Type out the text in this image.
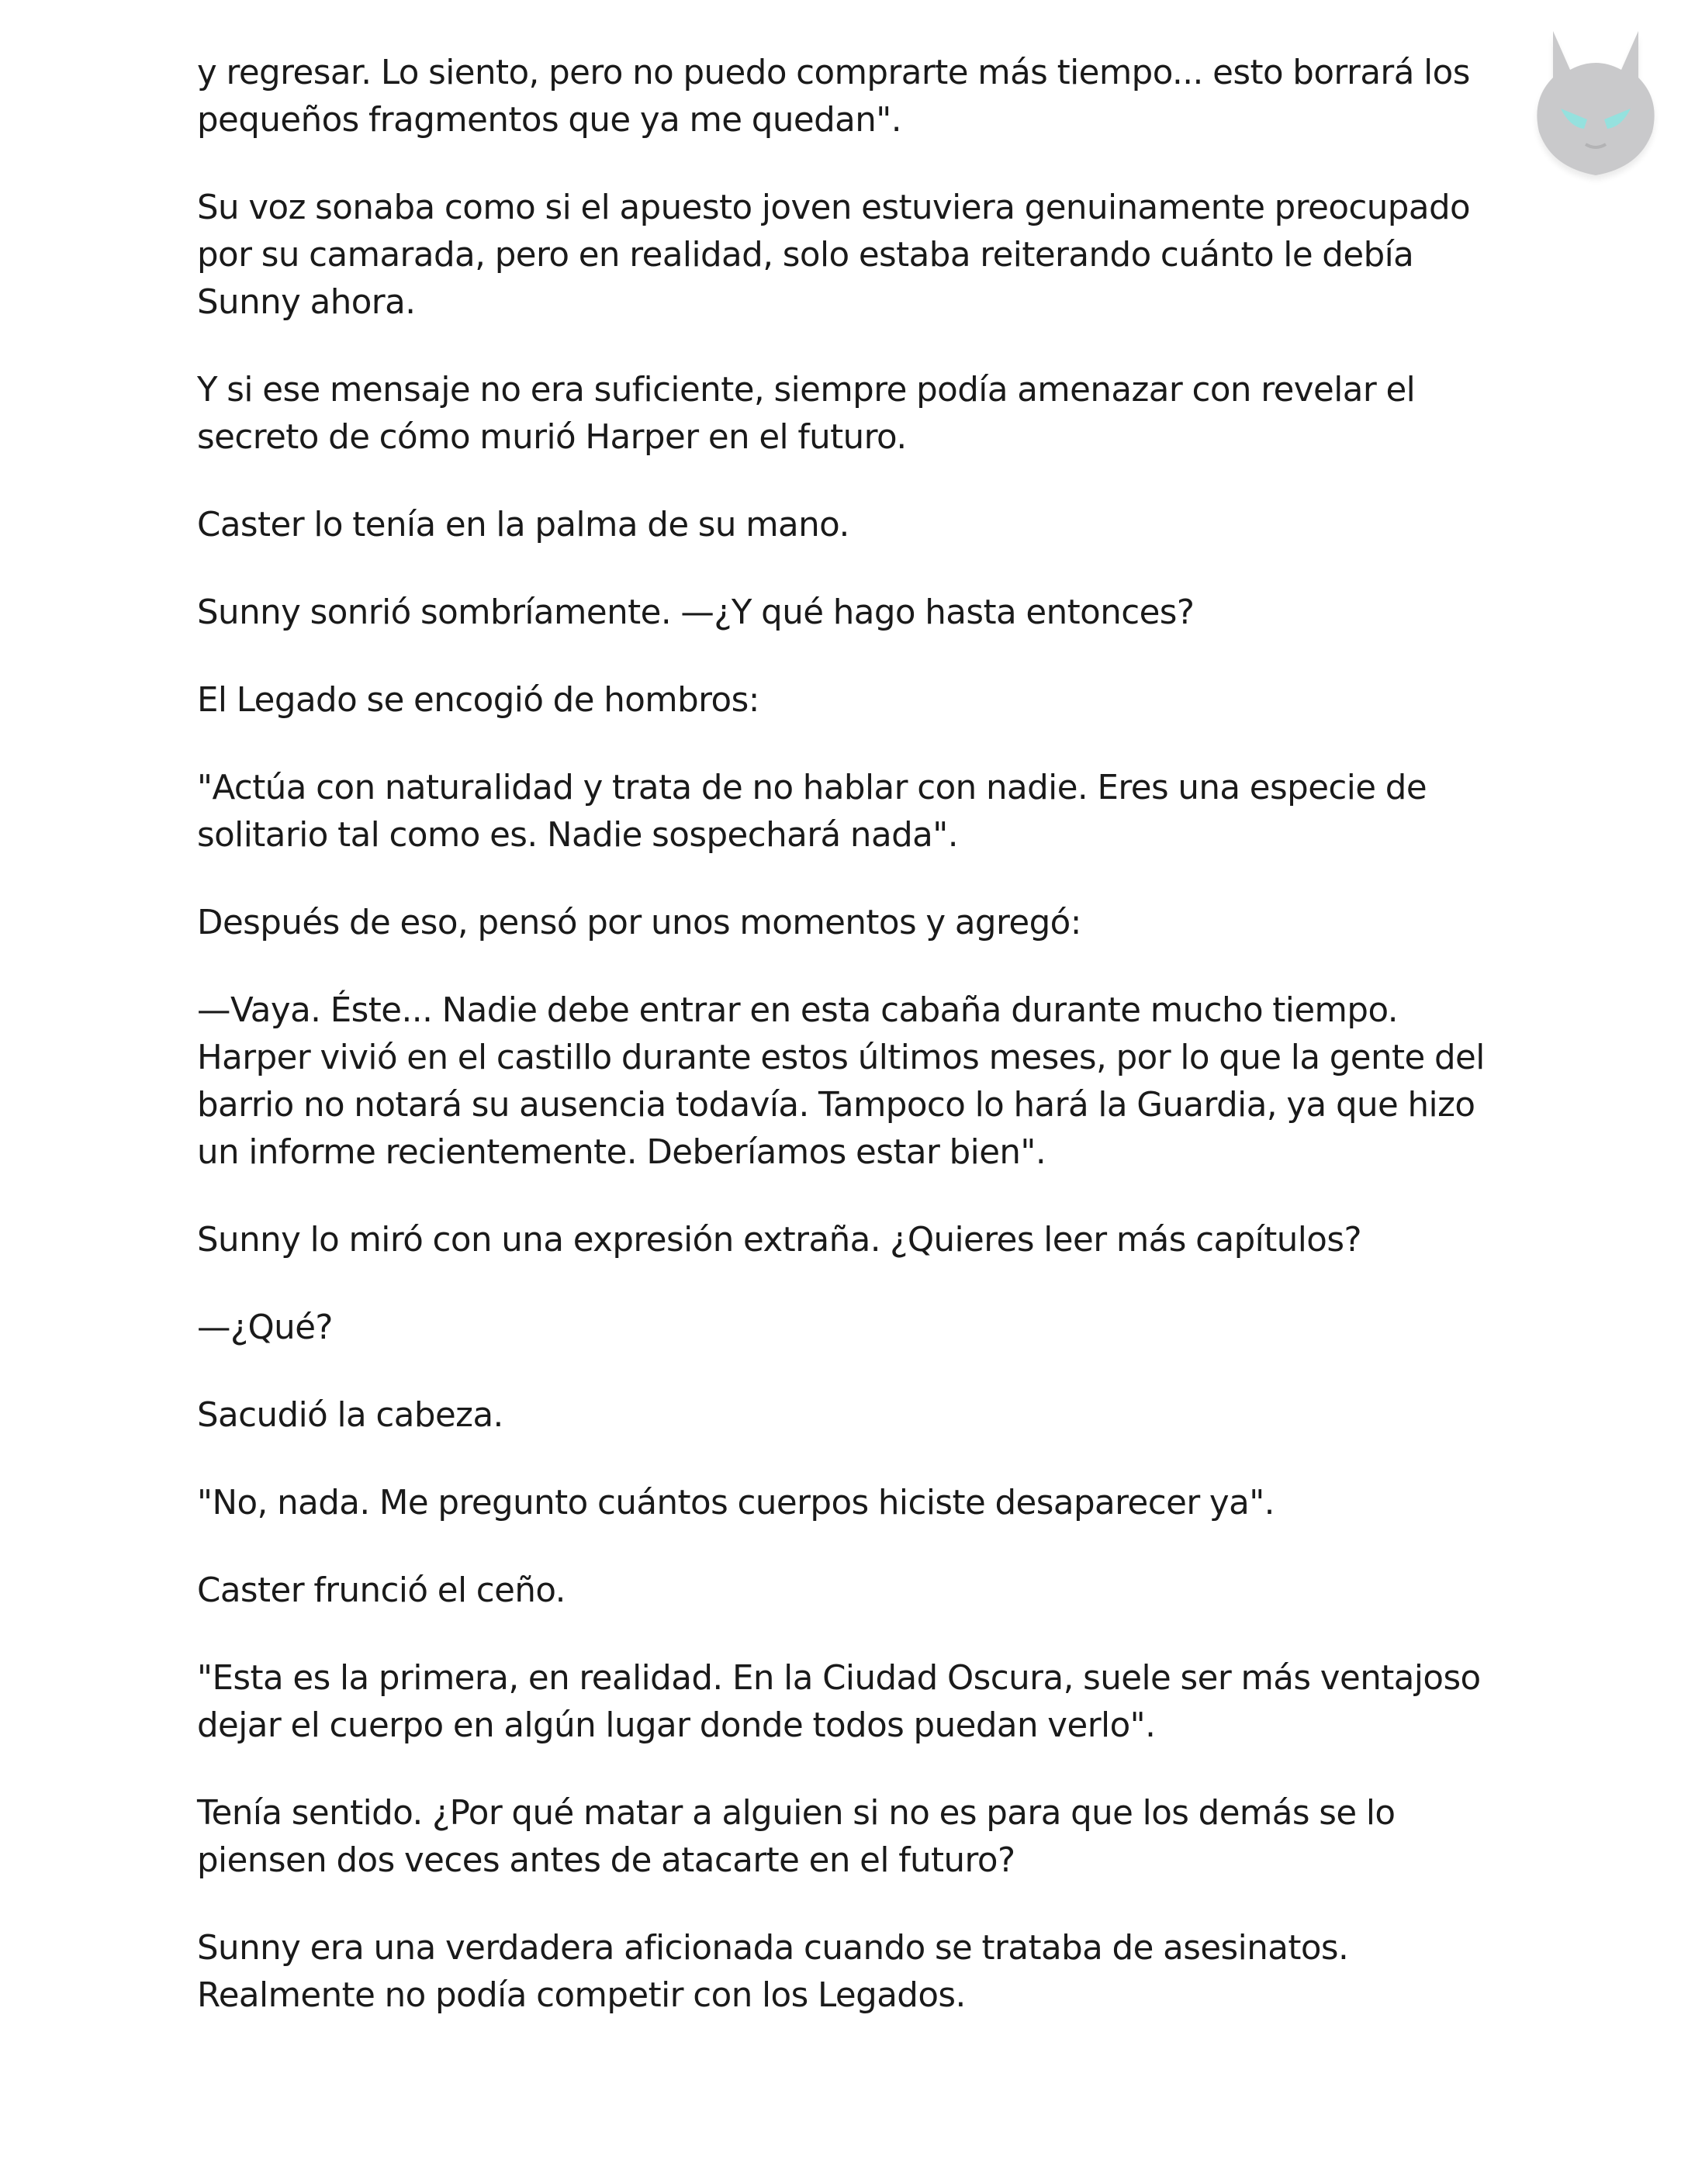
y regresar. Lo siento, pero no puedo comprarte más tiempo... esto borrará los pequeños fragmentos que ya me quedan".

Su voz sonaba como si el apuesto joven estuviera genuinamente preocupado por su camarada, pero en realidad, solo estaba reiterando cuánto le debía Sunny ahora.

Y si ese mensaje no era suficiente, siempre podía amenazar con revelar el secreto de cómo murió Harper en el futuro.

Caster lo tenía en la palma de su mano.

Sunny sonrió sombríamente. —¿Y qué hago hasta entonces?

El Legado se encogió de hombros:

"Actúa con naturalidad y trata de no hablar con nadie. Eres una especie de solitario tal como es. Nadie sospechará nada".

Después de eso, pensó por unos momentos y agregó:

—Vaya. Éste... Nadie debe entrar en esta cabaña durante mucho tiempo. Harper vivió en el castillo durante estos últimos meses, por lo que la gente del barrio no notará su ausencia todavía. Tampoco lo hará la Guardia, ya que hizo un informe recientemente. Deberíamos estar bien".

Sunny lo miró con una expresión extraña. ¿Quieres leer más capítulos?

—¿Qué?

Sacudió la cabeza.

"No, nada. Me pregunto cuántos cuerpos hiciste desaparecer ya".

Caster frunció el ceño.

"Esta es la primera, en realidad. En la Ciudad Oscura, suele ser más ventajoso dejar el cuerpo en algún lugar donde todos puedan verlo".

Tenía sentido. ¿Por qué matar a alguien si no es para que los demás se lo piensen dos veces antes de atacarte en el futuro?

Sunny era una verdadera aficionada cuando se trataba de asesinatos. Realmente no podía competir con los Legados.
